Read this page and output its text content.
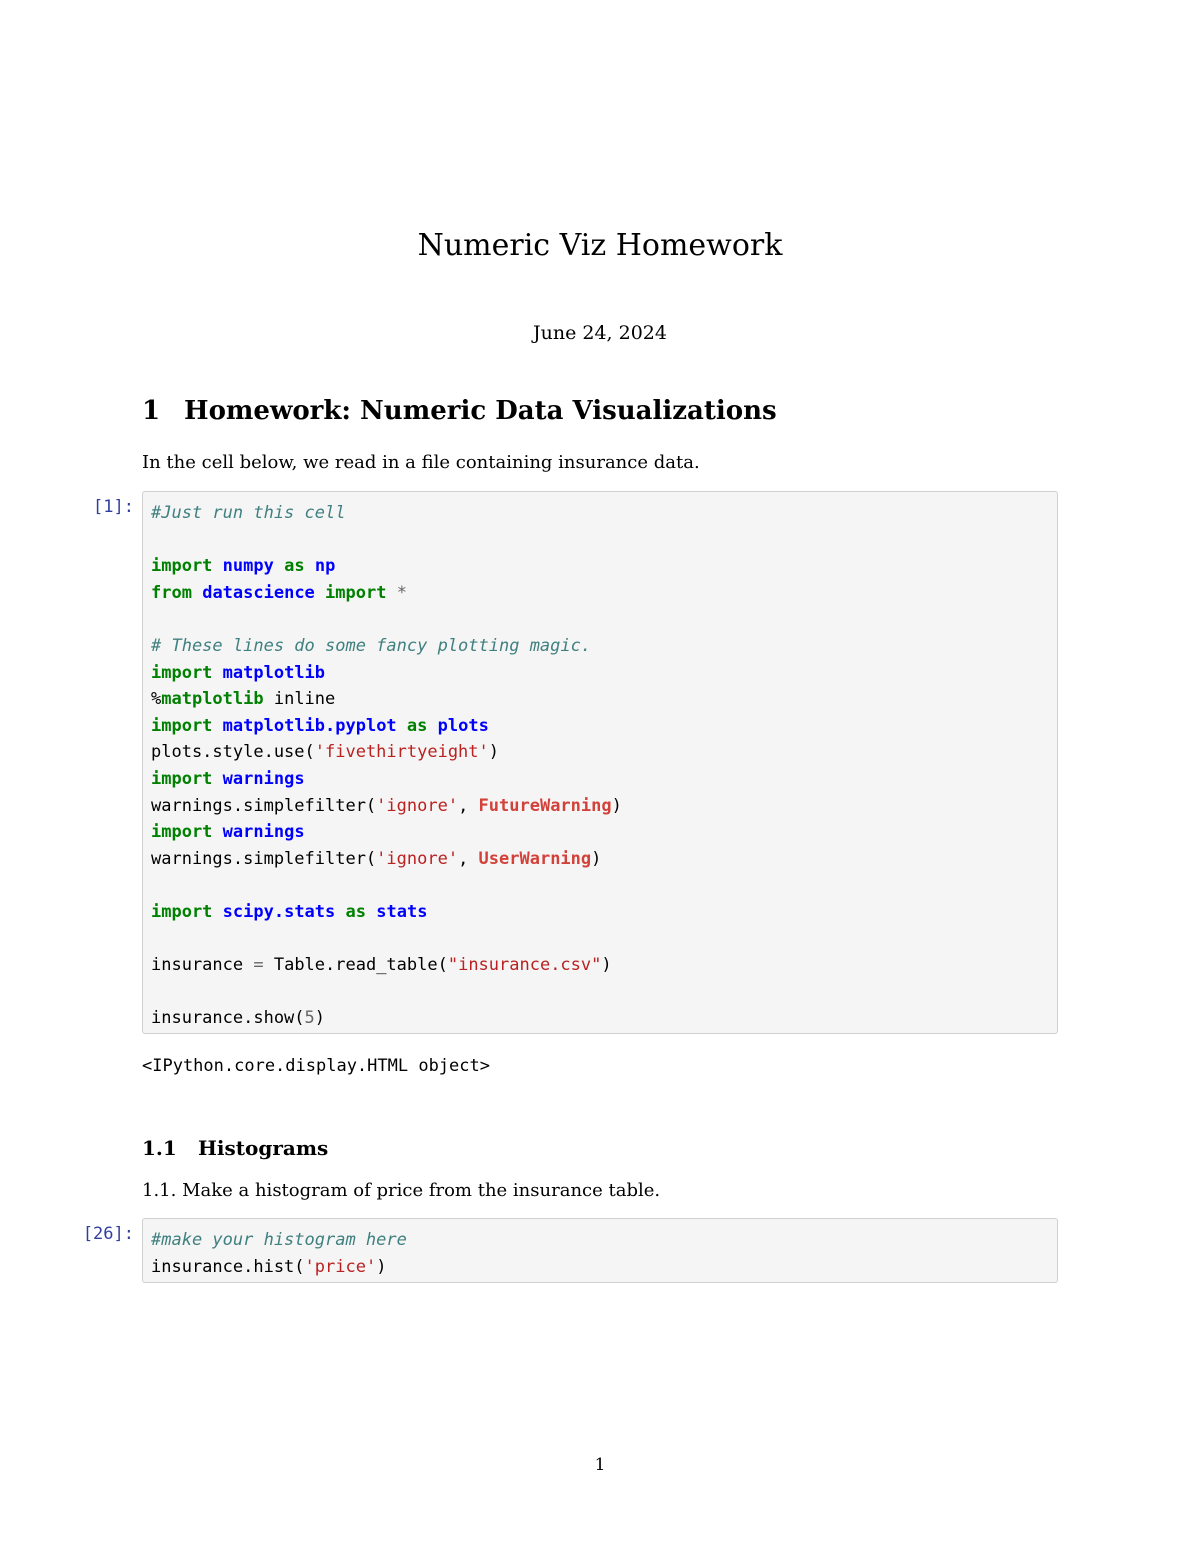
Numeric Viz Homework
June 24, 2024
1 Homework: Numeric Data Visualizations
In the cell below, we read in a file containing insurance data.
[1]: #Just run this cell

import numpy as np
from datascience import *

# These lines do some fancy plotting magic.
import matplotlib
%matplotlib inline
import matplotlib.pyplot as plots
plots.style.use('fivethirtyeight')
import warnings
warnings.simplefilter('ignore', FutureWarning)
import warnings
warnings.simplefilter('ignore', UserWarning)

import scipy.stats as stats

insurance = Table.read_table("insurance.csv")

insurance.show(5)
<IPython.core.display.HTML object>
1.1 Histograms
1.1. Make a histogram of price from the insurance table.
[26]: #make your histogram here
insurance.hist('price')
1
